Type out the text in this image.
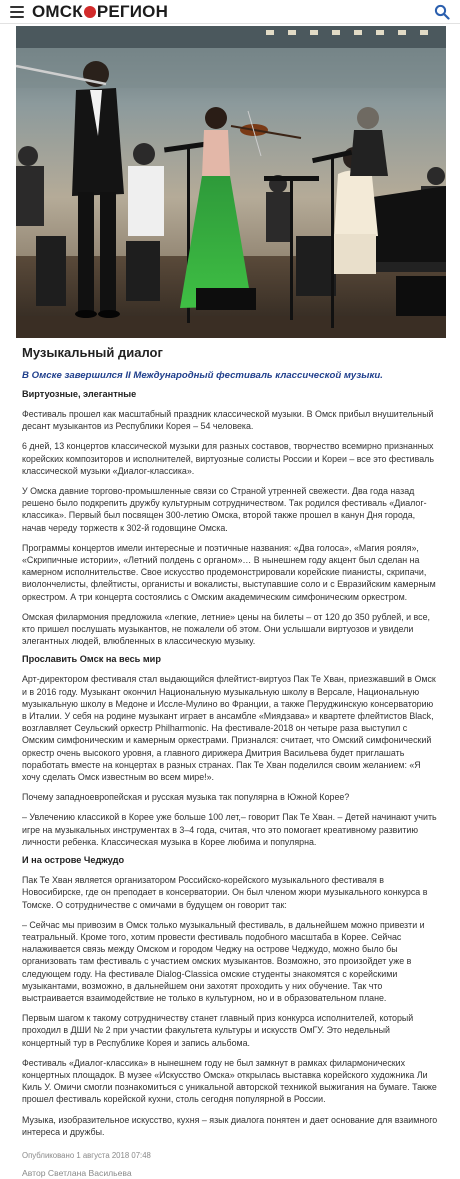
ОМСК РЕГИОН
Музыкальный диалог

В Омске завершился II Международный фестиваль классической музыки.

Виртуозные, элегантные

Фестиваль прошел как масштабный праздник классической музыки. В Омск прибыл внушительный десант музыкантов из Республики Корея – 54 человека.

6 дней, 13 концертов классической музыки для разных составов, творчество всемирно признанных корейских композиторов и исполнителей, виртуозные солисты России и Кореи – все это фестиваль классической музыки «Диалог-классика».

У Омска давние торгово-промышленные связи со Страной утренней свежести. Два года назад решено было подкрепить дружбу культурным сотрудничеством. Так родился фестиваль «Диалог-классика». Первый был посвящен 300-летию Омска, второй также прошел в канун Дня города, начав череду торжеств к 302-й годовщине Омска.

Программы концертов имели интересные и поэтичные названия: «Два голоса», «Магия рояля», «Скрипичные истории», «Летний полдень с органом»… В нынешнем году акцент был сделан на камерном исполнительстве. Свое искусство продемонстрировали корейские пианисты, скрипачи, виолончелисты, флейтисты, органисты и вокалисты, выступавшие соло и с Евразийским камерным оркестром. А три концерта состоялись с Омским академическим симфоническим оркестром.

Омская филармония предложила «легкие, летние» цены на билеты – от 120 до 350 рублей, и все, кто пришел послушать музыкантов, не пожалели об этом. Они услышали виртуозов и увидели элегантных людей, влюбленных в классическую музыку.

Прославить Омск на весь мир

Арт-директором фестиваля стал выдающийся флейтист-виртуоз Пак Те Хван, приезжавший в Омск и в 2016 году. Музыкант окончил Национальную музыкальную школу в Версале, Национальную музыкальную школу в Медоне и Иссле-Мулино во Франции, а также Перуджинскую консерваторию в Италии. У себя на родине музыкант играет в ансамбле «Миядзава» и квартете флейтистов Black, возглавляет Сеульский оркестр Philharmonic. На фестивале-2018 он четыре раза выступил с Омским симфоническим и камерным оркестрами. Признался: считает, что Омский симфонический оркестр очень высокого уровня, а главного дирижера Дмитрия Васильева будет приглашать поработать вместе на концертах в разных странах. Пак Те Хван поделился своим желанием: «Я хочу сделать Омск известным во всем мире!».

Почему западноевропейская и русская музыка так популярна в Южной Корее?

– Увлечению классикой в Корее уже больше 100 лет,– говорит Пак Те Хван. – Детей начинают учить игре на музыкальных инструментах в 3–4 года, считая, что это помогает креативному развитию личности ребенка. Классическая музыка в Корее любима и популярна.

И на острове Чеджудо

Пак Те Хван является организатором Российско-корейского музыкального фестиваля в Новосибирске, где он преподает в консерватории. Он был членом жюри музыкального конкурса в Томске. О сотрудничестве с омичами в будущем он говорит так:

– Сейчас мы привозим в Омск только музыкальный фестиваль, в дальнейшем можно привезти и театральный. Кроме того, хотим провести фестиваль подобного масштаба в Корее. Сейчас налаживается связь между Омском и городом Чеджу на острове Чеджудо, можно было бы организовать там фестиваль с участием омских музыкантов. Возможно, это произойдет уже в следующем году. На фестивале Dialog-Classica омские студенты знакомятся с корейскими музыкантами, возможно, в дальнейшем они захотят проходить у них обучение. Так что выстраивается взаимодействие не только в культурном, но и в образовательном плане.

Первым шагом к такому сотрудничеству станет главный приз конкурса исполнителей, который проходил в ДШИ № 2 при участии факультета культуры и искусств ОмГУ. Это недельный концертный тур в Республике Корея и запись альбома.

Фестиваль «Диалог-классика» в нынешнем году не был замкнут в рамках филармонических концертных площадок. В музее «Искусство Омска» открылась выставка корейского художника Ли Киль У. Омичи смогли познакомиться с уникальной авторской техникой выжигания на бумаге. Также прошел фестиваль корейской кухни, столь сегодня популярной в России.

Музыка, изобразительное искусство, кухня – язык диалога понятен и дает основание для взаимного интереса и дружбы.

Опубликовано 1 августа 2018 07:48
Автор Светлана Васильева
